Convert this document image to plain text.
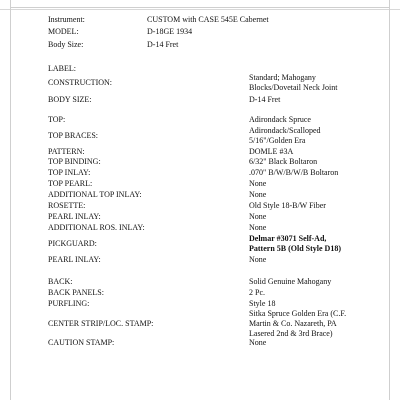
Instrument:	CUSTOM with CASE 545E Cabernet
MODEL:	D-18GE 1934
Body Size:	D-14 Fret
LABEL:
CONSTRUCTION:
Standard; Mahogany
Blocks/Dovetail Neck Joint
BODY SIZE:	D-14 Fret
TOP:	Adirondack Spruce
TOP BRACES:
Adirondack/Scalloped
5/16"/Golden Era
PATTERN:	DOMLE #3A
TOP BINDING:	6/32" Black Boltaron
TOP INLAY:	.070" B/W/B/W/B Boltaron
TOP PEARL:	None
ADDITIONAL TOP INLAY:	None
ROSETTE:	Old Style 18-B/W Fiber
PEARL INLAY:	None
ADDITIONAL ROS. INLAY:	None
PICKGUARD:
Delmar #3071 Self-Ad,
Pattern 5B (Old Style D18)
PEARL INLAY:	None
BACK:	Solid Genuine Mahogany
BACK PANELS:	2 Pc.
PURFLING:	Style 18
CENTER STRIP/LOC. STAMP:
Sitka Spruce Golden Era (C.F.
Martin & Co. Nazareth, PA
Lasered 2nd & 3rd Brace)
CAUTION STAMP:	None
